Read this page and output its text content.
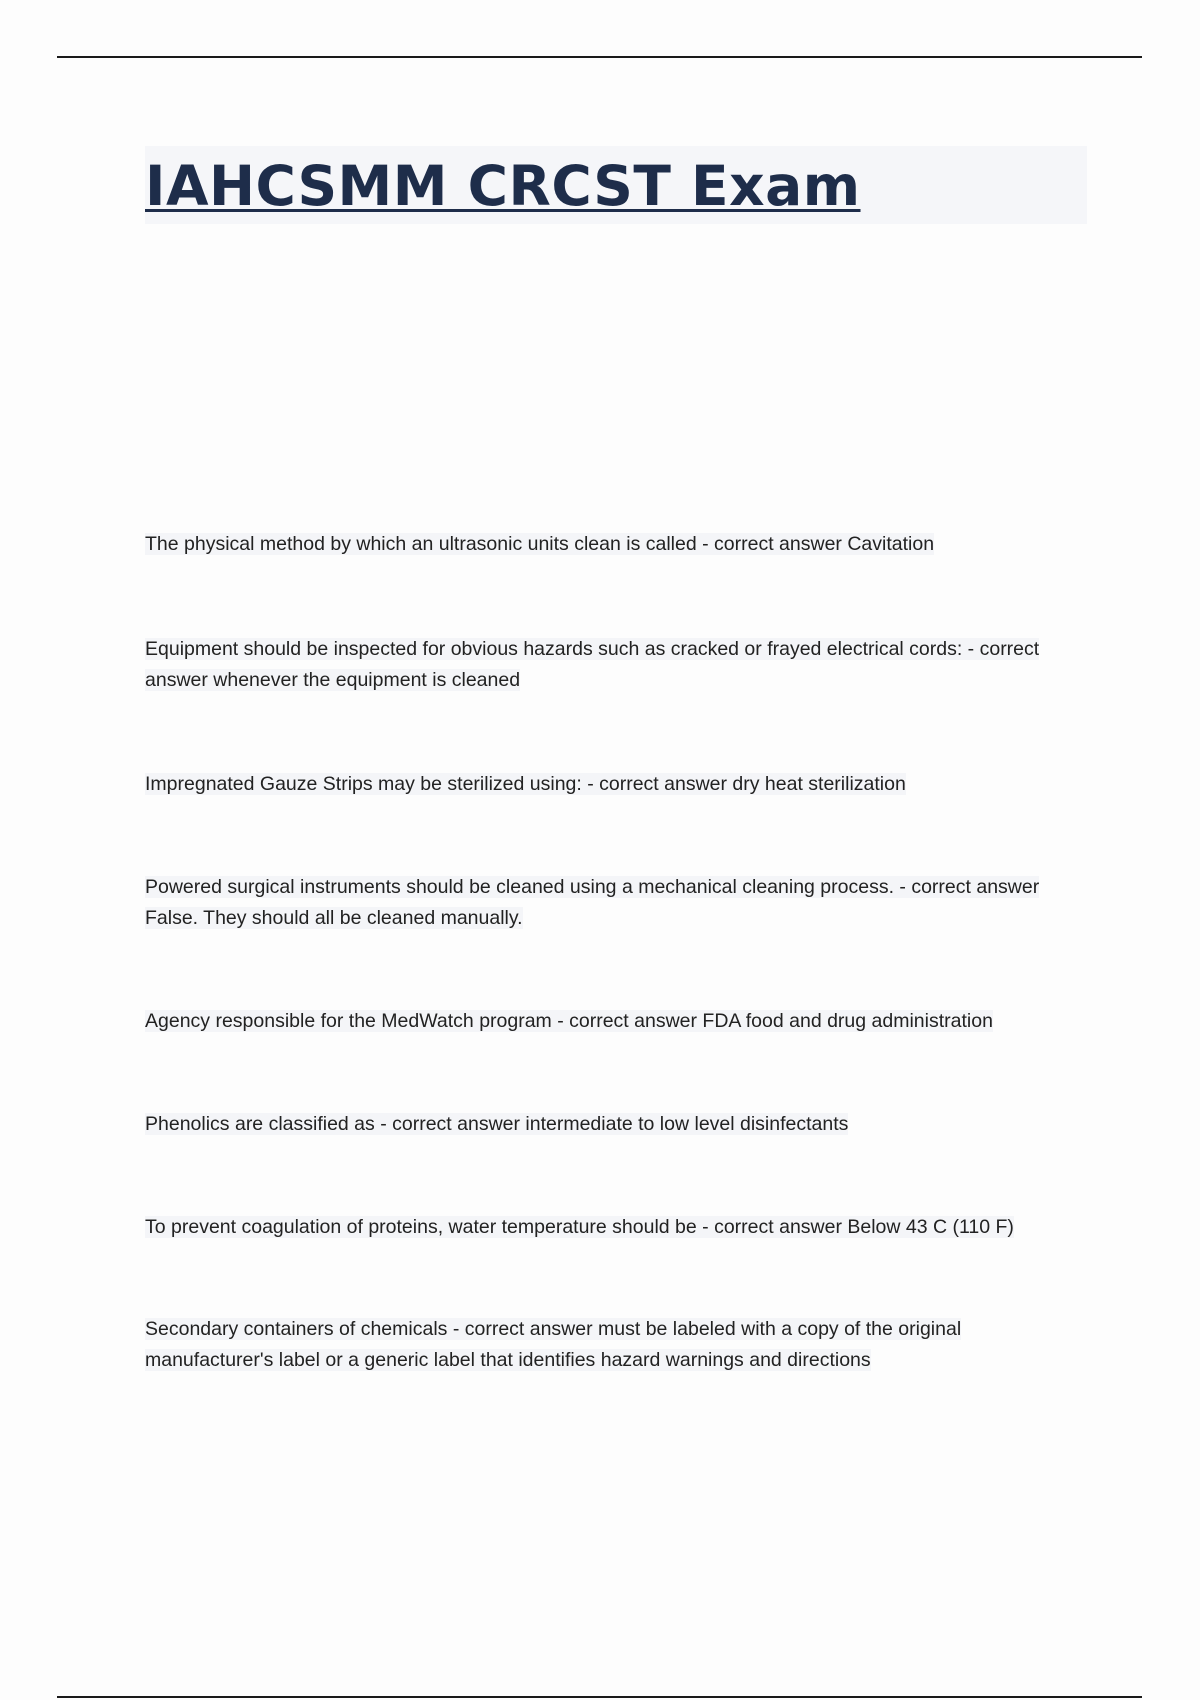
IAHCSMM CRCST Exam

The physical method by which an ultrasonic units clean is called - correct answer Cavitation

Equipment should be inspected for obvious hazards such as cracked or frayed electrical cords: - correct answer whenever the equipment is cleaned

Impregnated Gauze Strips may be sterilized using: - correct answer dry heat sterilization

Powered surgical instruments should be cleaned using a mechanical cleaning process. - correct answer False. They should all be cleaned manually.

Agency responsible for the MedWatch program - correct answer FDA food and drug administration

Phenolics are classified as - correct answer intermediate to low level disinfectants

To prevent coagulation of proteins, water temperature should be - correct answer Below 43 C (110 F)

Secondary containers of chemicals - correct answer must be labeled with a copy of the original manufacturer's label or a generic label that identifies hazard warnings and directions
